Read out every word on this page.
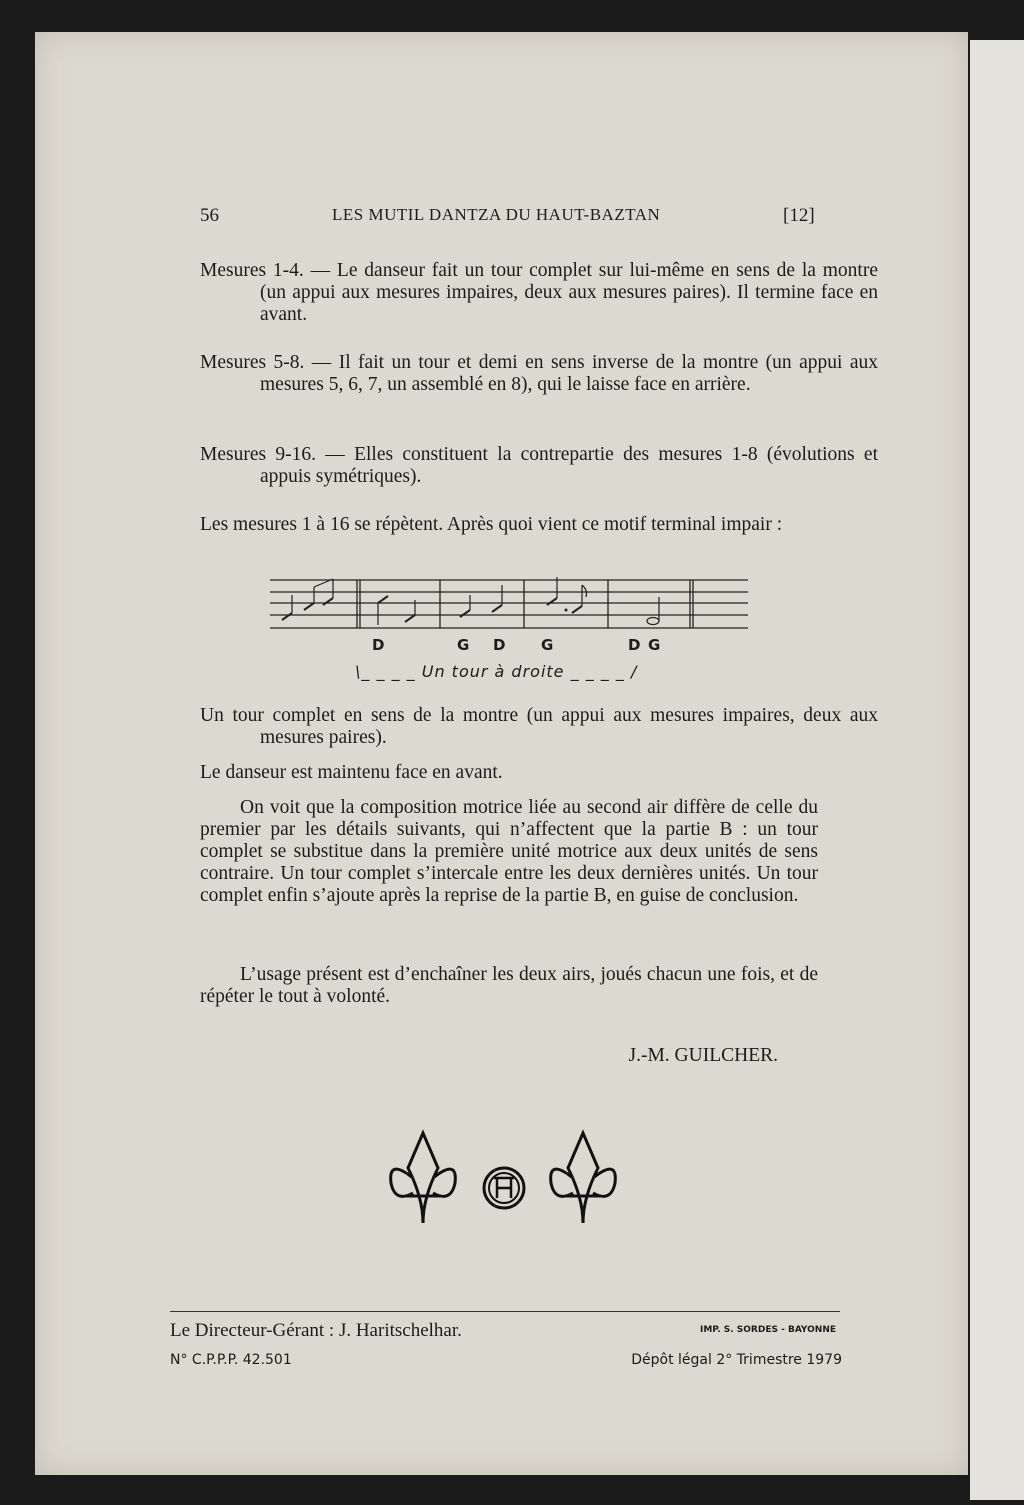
56	LES MUTIL DANTZA DU HAUT-BAZTAN	[12]
Mesures 1-4. — Le danseur fait un tour complet sur lui-même en sens de la montre (un appui aux mesures impaires, deux aux mesures paires). Il termine face en avant.
Mesures 5-8. — Il fait un tour et demi en sens inverse de la montre (un appui aux mesures 5, 6, 7, un assemblé en 8), qui le laisse face en arrière.
Mesures 9-16. — Elles constituent la contrepartie des mesures 1-8 (évolutions et appuis symétriques).
Les mesures 1 à 16 se répètent. Après quoi vient ce motif terminal impair :
D	G D G	D G
\_ _ _ _ Un tour à droite _ _ _ _ /
Un tour complet en sens de la montre (un appui aux mesures impaires, deux aux mesures paires).
Le danseur est maintenu face en avant.
On voit que la composition motrice liée au second air diffère de celle du premier par les détails suivants, qui n’affectent que la partie B : un tour complet se substitue dans la première unité motrice aux deux unités de sens contraire. Un tour complet s’intercale entre les deux dernières unités. Un tour complet enfin s’ajoute après la reprise de la partie B, en guise de conclusion.
L’usage présent est d’enchaîner les deux airs, joués chacun une fois, et de répéter le tout à volonté.
J.-M. GUILCHER.
Le Directeur-Gérant : J. Haritschelhar.	IMP. S. SORDES - BAYONNE
N° C.P.P.P. 42.501	Dépôt légal 2° Trimestre 1979
